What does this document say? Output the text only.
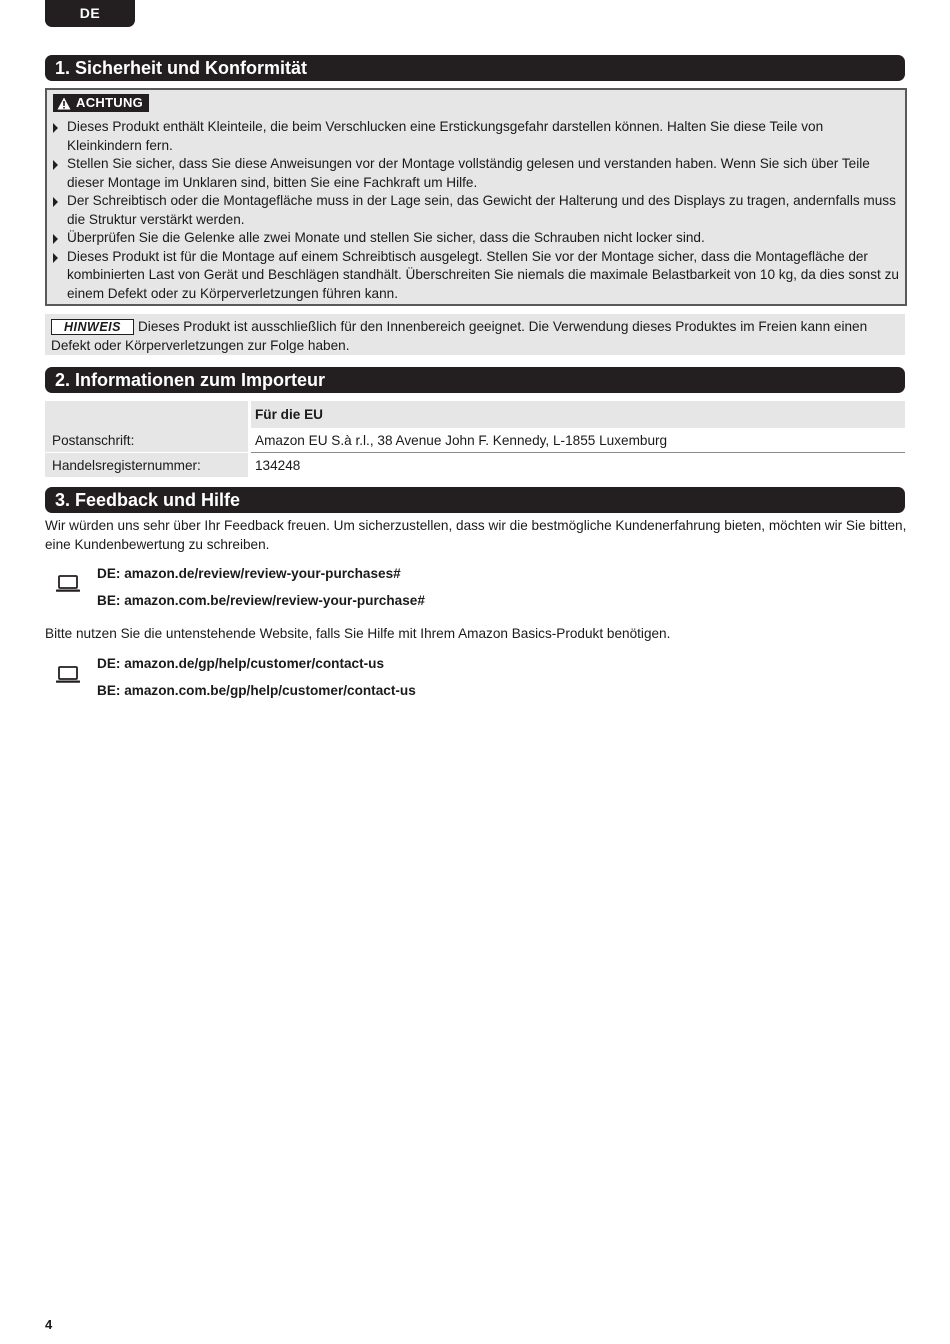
DE
1. Sicherheit und Konformität
ACHTUNG
Dieses Produkt enthält Kleinteile, die beim Verschlucken eine Erstickungsgefahr darstellen können. Halten Sie diese Teile von Kleinkindern fern.
Stellen Sie sicher, dass Sie diese Anweisungen vor der Montage vollständig gelesen und verstanden haben. Wenn Sie sich über Teile dieser Montage im Unklaren sind, bitten Sie eine Fachkraft um Hilfe.
Der Schreibtisch oder die Montagefläche muss in der Lage sein, das Gewicht der Halterung und des Displays zu tragen, andernfalls muss die Struktur verstärkt werden.
Überprüfen Sie die Gelenke alle zwei Monate und stellen Sie sicher, dass die Schrauben nicht locker sind.
Dieses Produkt ist für die Montage auf einem Schreibtisch ausgelegt. Stellen Sie vor der Montage sicher, dass die Montagefläche der kombinierten Last von Gerät und Beschlägen standhält. Überschreiten Sie niemals die maximale Belastbarkeit von 10 kg, da dies sonst zu einem Defekt oder zu Körperverletzungen führen kann.
HINWEIS Dieses Produkt ist ausschließlich für den Innenbereich geeignet. Die Verwendung dieses Produktes im Freien kann einen Defekt oder Körperverletzungen zur Folge haben.
2. Informationen zum Importeur
	Für die EU
Postanschrift:	Amazon EU S.à r.l., 38 Avenue John F. Kennedy, L-1855 Luxemburg
Handelsregisternummer:	134248
3. Feedback und Hilfe

Wir würden uns sehr über Ihr Feedback freuen. Um sicherzustellen, dass wir die bestmögliche Kundenerfahrung bieten, möchten wir Sie bitten, eine Kundenbewertung zu schreiben.

DE: amazon.de/review/review-your-purchases#
BE: amazon.com.be/review/review-your-purchase#

Bitte nutzen Sie die untenstehende Website, falls Sie Hilfe mit Ihrem Amazon Basics-Produkt benötigen.

DE: amazon.de/gp/help/customer/contact-us
BE: amazon.com.be/gp/help/customer/contact-us
4
